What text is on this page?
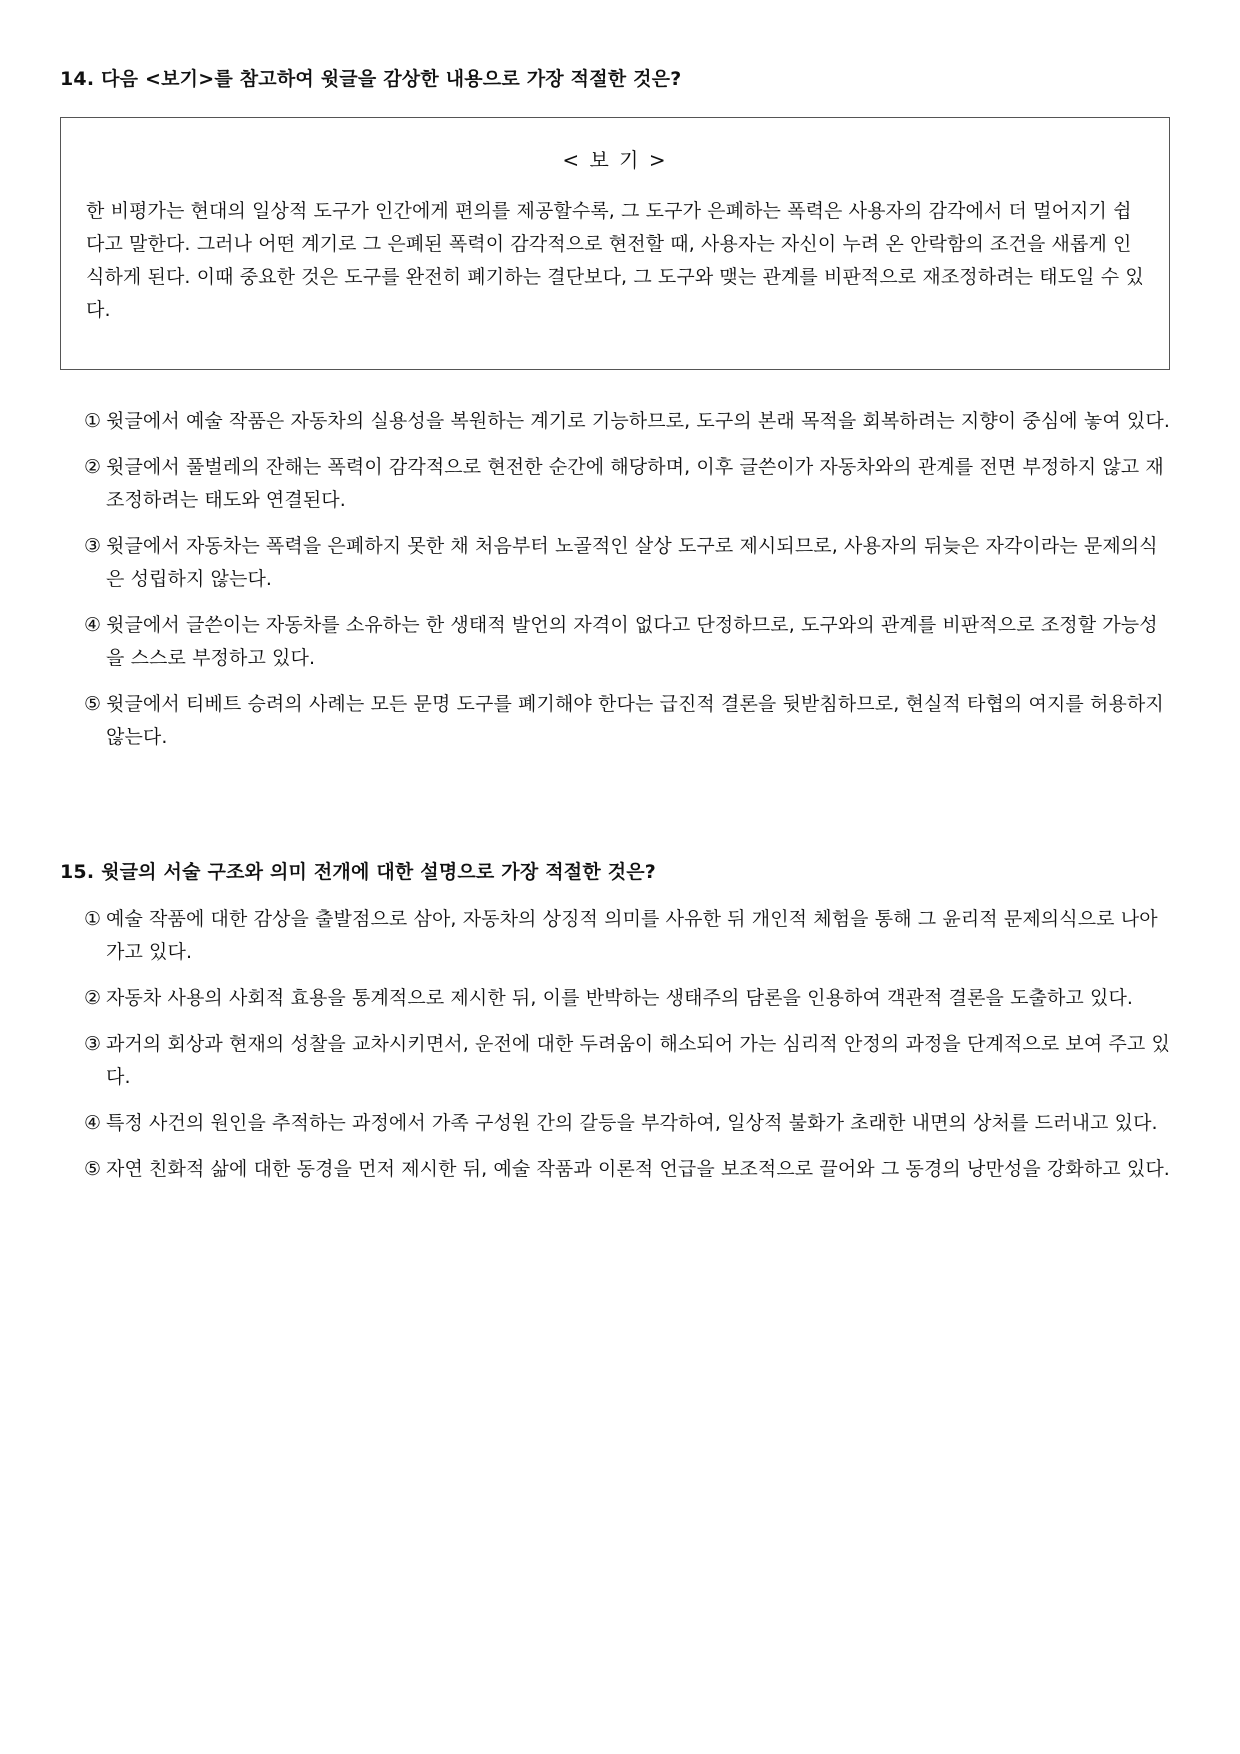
14. 다음 <보기>를 참고하여 윗글을 감상한 내용으로 가장 적절한 것은?
< 보 기 >
한 비평가는 현대의 일상적 도구가 인간에게 편의를 제공할수록, 그 도구가 은폐하는 폭력은 사용자의 감각에서 더 멀어지기 쉽다고 말한다. 그러나 어떤 계기로 그 은폐된 폭력이 감각적으로 현전할 때, 사용자는 자신이 누려 온 안락함의 조건을 새롭게 인식하게 된다. 이때 중요한 것은 도구를 완전히 폐기하는 결단보다, 그 도구와 맺는 관계를 비판적으로 재조정하려는 태도일 수 있다.
① 윗글에서 예술 작품은 자동차의 실용성을 복원하는 계기로 기능하므로, 도구의 본래 목적을 회복하려는 지향이 중심에 놓여 있다.
② 윗글에서 풀벌레의 잔해는 폭력이 감각적으로 현전한 순간에 해당하며, 이후 글쓴이가 자동차와의 관계를 전면 부정하지 않고 재조정하려는 태도와 연결된다.
③ 윗글에서 자동차는 폭력을 은폐하지 못한 채 처음부터 노골적인 살상 도구로 제시되므로, 사용자의 뒤늦은 자각이라는 문제의식은 성립하지 않는다.
④ 윗글에서 글쓴이는 자동차를 소유하는 한 생태적 발언의 자격이 없다고 단정하므로, 도구와의 관계를 비판적으로 조정할 가능성을 스스로 부정하고 있다.
⑤ 윗글에서 티베트 승려의 사례는 모든 문명 도구를 폐기해야 한다는 급진적 결론을 뒷받침하므로, 현실적 타협의 여지를 허용하지 않는다.
15. 윗글의 서술 구조와 의미 전개에 대한 설명으로 가장 적절한 것은?
① 예술 작품에 대한 감상을 출발점으로 삼아, 자동차의 상징적 의미를 사유한 뒤 개인적 체험을 통해 그 윤리적 문제의식으로 나아가고 있다.
② 자동차 사용의 사회적 효용을 통계적으로 제시한 뒤, 이를 반박하는 생태주의 담론을 인용하여 객관적 결론을 도출하고 있다.
③ 과거의 회상과 현재의 성찰을 교차시키면서, 운전에 대한 두려움이 해소되어 가는 심리적 안정의 과정을 단계적으로 보여 주고 있다.
④ 특정 사건의 원인을 추적하는 과정에서 가족 구성원 간의 갈등을 부각하여, 일상적 불화가 초래한 내면의 상처를 드러내고 있다.
⑤ 자연 친화적 삶에 대한 동경을 먼저 제시한 뒤, 예술 작품과 이론적 언급을 보조적으로 끌어와 그 동경의 낭만성을 강화하고 있다.
